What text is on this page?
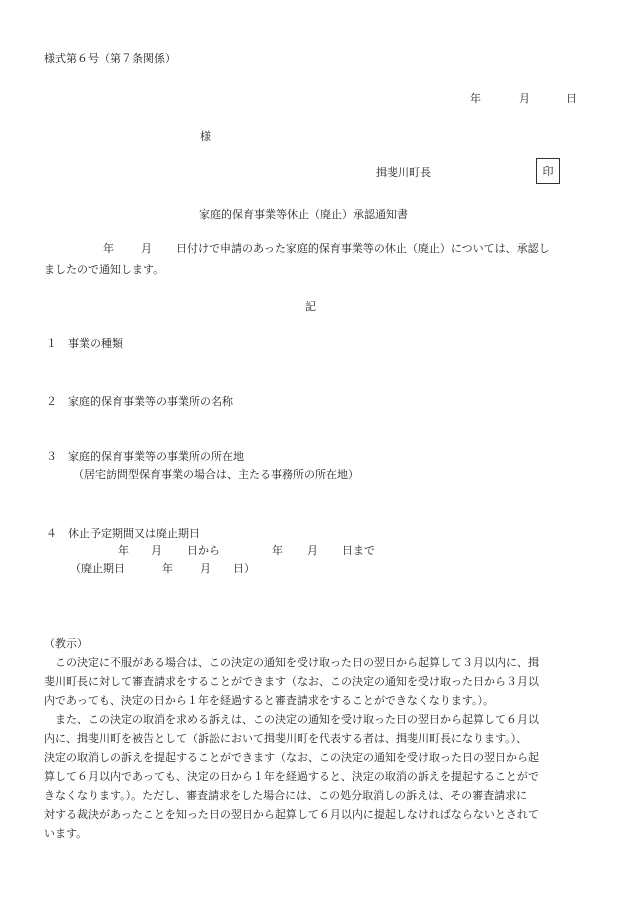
様式第６号（第７条関係）
年	月	日
様
揖斐川町長	印
家庭的保育事業等休止（廃止）承認通知書
年 月 日付けで申請のあった家庭的保育事業等の休止（廃止）については、承認し
ましたので通知します。
記
１ 事業の種類
２ 家庭的保育事業等の事業所の名称
３ 家庭的保育事業等の事業所の所在地
（居宅訪問型保育事業の場合は、主たる事務所の所在地）
４ 休止予定期間又は廃止期日
年 月 日から	年 月 日まで
（廃止期日	年 月 日）
（教示）
　この決定に不服がある場合は、この決定の通知を受け取った日の翌日から起算して３月以内に、揖
斐川町長に対して審査請求をすることができます（なお、この決定の通知を受け取った日から３月以
内であっても、決定の日から１年を経過すると審査請求をすることができなくなります。）。
　また、この決定の取消を求める訴えは、この決定の通知を受け取った日の翌日から起算して６月以
内に、揖斐川町を被告として（訴訟において揖斐川町を代表する者は、揖斐川町長になります。）、
決定の取消しの訴えを提起することができます（なお、この決定の通知を受け取った日の翌日から起
算して６月以内であっても、決定の日から１年を経過すると、決定の取消の訴えを提起することがで
きなくなります。）。ただし、審査請求をした場合には、この処分取消しの訴えは、その審査請求に
対する裁決があったことを知った日の翌日から起算して６月以内に提起しなければならないとされて
います。
